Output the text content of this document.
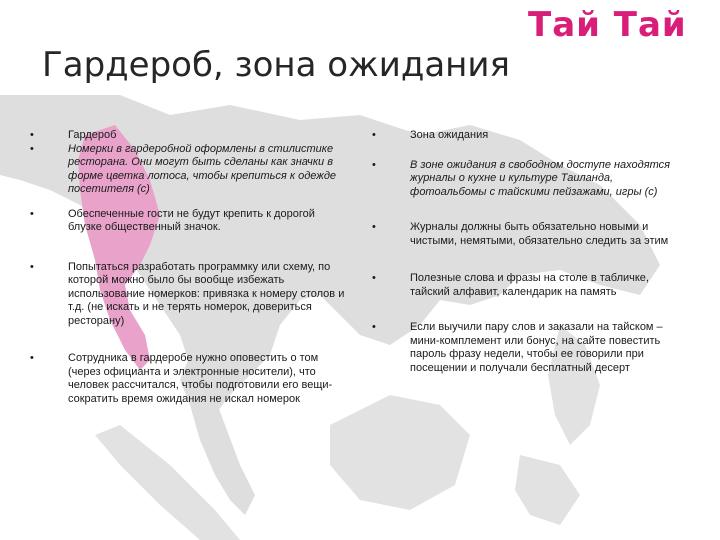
Тай Тай
Гардероб, зона ожидания
•	Гардероб
•	Номерки в гардеробной оформлены в стилистике ресторана. Они могут быть сделаны как значки в форме цветка лотоса, чтобы крепиться к одежде посетителя (с)
•	Обеспеченные гости не будут крепить к дорогой блузке общественный значок.
•	Попытаться разработать программку или схему, по которой можно было бы вообще избежать использование номерков: привязка к номеру столов и т.д. (не искать и не терять номерок, довериться ресторану)
•	Сотрудника в гардеробе нужно оповестить о том (через официанта и электронные носители), что человек рассчитался, чтобы подготовили его вещи- сократить время ожидания не искал номерок
•	Зона ожидания
•	В зоне ожидания в свободном доступе находятся журналы о кухне и культуре Таиланда, фотоальбомы с тайскими пейзажами, игры (с)
•	Журналы должны быть обязательно новыми и чистыми, немятыми, обязательно следить за этим
•	Полезные слова и фразы на столе в табличке, тайский алфавит, календарик на память
•	Если выучили пару слов и заказали на тайском – мини-комплемент или бонус, на сайте повестить пароль фразу недели, чтобы ее говорили при посещении и получали бесплатный десерт
